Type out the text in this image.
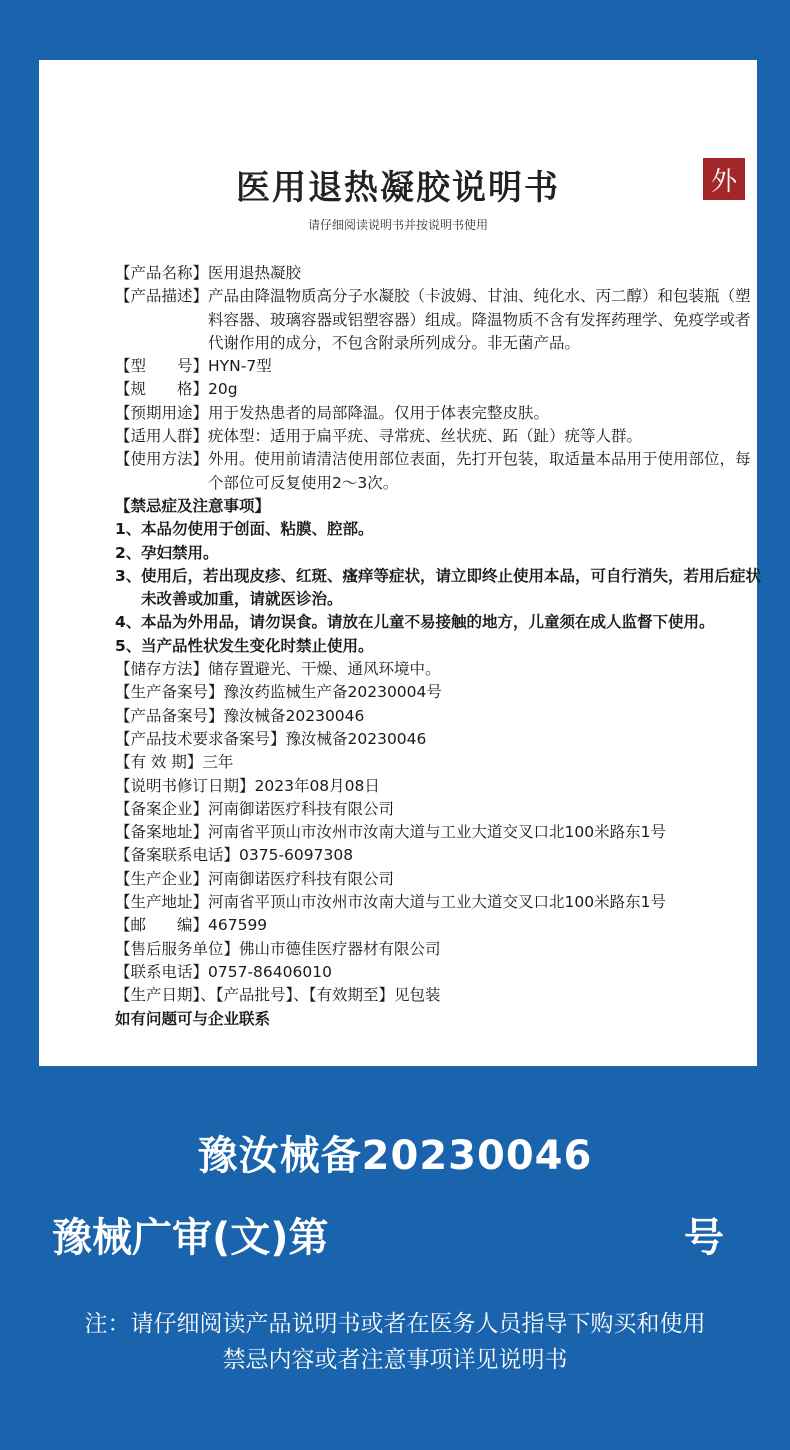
医用退热凝胶说明书	外
请仔细阅读说明书并按说明书使用
【产品名称】 医用退热凝胶
【产品描述】 产品由降温物质高分子水凝胶（卡波姆、甘油、纯化水、丙二醇）和包装瓶（塑料容器、玻璃容器或铝塑容器）组成。降温物质不含有发挥药理学、免疫学或者代谢作用的成分，不包含附录所列成分。非无菌产品。
【型　　号】 HYN-7型
【规　　格】 20g
【预期用途】 用于发热患者的局部降温。仅用于体表完整皮肤。
【适用人群】 疣体型：适用于扁平疣、寻常疣、丝状疣、跖（趾）疣等人群。
【使用方法】 外用。使用前请清洁使用部位表面，先打开包装，取适量本品用于使用部位，每个部位可反复使用2～3次。
【禁忌症及注意事项】
1、 本品勿使用于创面、粘膜、腔部。
2、 孕妇禁用。
3、 使用后，若出现皮疹、红斑、瘙痒等症状，请立即终止使用本品，可自行消失，若用后症状未改善或加重，请就医诊治。
4、 本品为外用品，请勿误食。请放在儿童不易接触的地方，儿童须在成人监督下使用。
5、 当产品性状发生变化时禁止使用。
【储存方法】储存置避光、干燥、通风环境中。
【生产备案号】豫汝药监械生产备20230004号
【产品备案号】豫汝械备20230046
【产品技术要求备案号】豫汝械备20230046
【有 效 期】三年
【说明书修订日期】2023年08月08日
【备案企业】河南御诺医疗科技有限公司
【备案地址】河南省平顶山市汝州市汝南大道与工业大道交叉口北100米路东1号
【备案联系电话】0375-6097308
【生产企业】河南御诺医疗科技有限公司
【生产地址】河南省平顶山市汝州市汝南大道与工业大道交叉口北100米路东1号
【邮　　编】467599
【售后服务单位】佛山市德佳医疗器材有限公司
【联系电话】0757-86406010
【生产日期】、【产品批号】、【有效期至】见包装
如有问题可与企业联系
豫汝械备20230046
豫械广审(文)第	号
注：请仔细阅读产品说明书或者在医务人员指导下购买和使用
禁忌内容或者注意事项详见说明书
